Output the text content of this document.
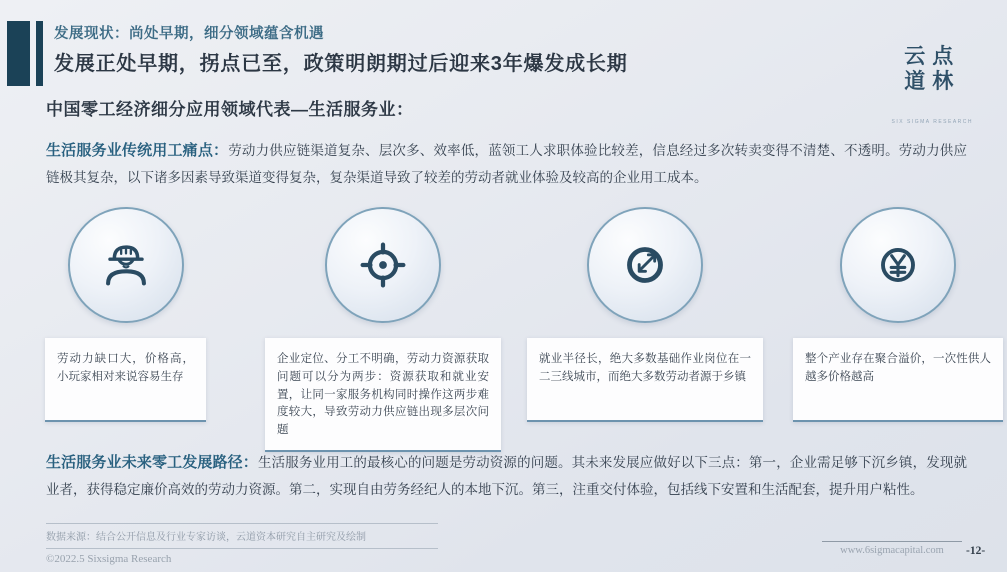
发展现状：尚处早期，细分领域蕴含机遇
发展正处早期，拐点已至，政策明朗期过后迎来3年爆发成长期	云点

道林

SIX SIGMA RESEARCH
中国零工经济细分应用领域代表—生活服务业：
生活服务业传统用工痛点：劳动力供应链渠道复杂、层次多、效率低，蓝领工人求职体验比较差，信息经过多次转卖变得不清楚、不透明。劳动力供应链极其复杂，以下诸多因素导致渠道变得复杂，复杂渠道导致了较差的劳动者就业体验及较高的企业用工成本。
劳动力缺口大，价格高，小玩家相对来说容易生存
企业定位、分工不明确，劳动力资源获取问题可以分为两步：资源获取和就业安置，让同一家服务机构同时操作这两步难度较大，导致劳动力供应链出现多层次问题
就业半径长，绝大多数基础作业岗位在一二三线城市，而绝大多数劳动者源于乡镇
整个产业存在聚合溢价，一次性供人越多价格越高
生活服务业未来零工发展路径：生活服务业用工的最核心的问题是劳动资源的问题。其未来发展应做好以下三点：第一，企业需足够下沉乡镇，发现就业者，获得稳定廉价高效的劳动力资源。第二，实现自由劳务经纪人的本地下沉。第三，注重交付体验，包括线下安置和生活配套，提升用户粘性。
数据来源：结合公开信息及行业专家访谈，云道资本研究自主研究及绘制
©2022.5 Sixsigma Research
www.6sigmacapital.com	-12-
